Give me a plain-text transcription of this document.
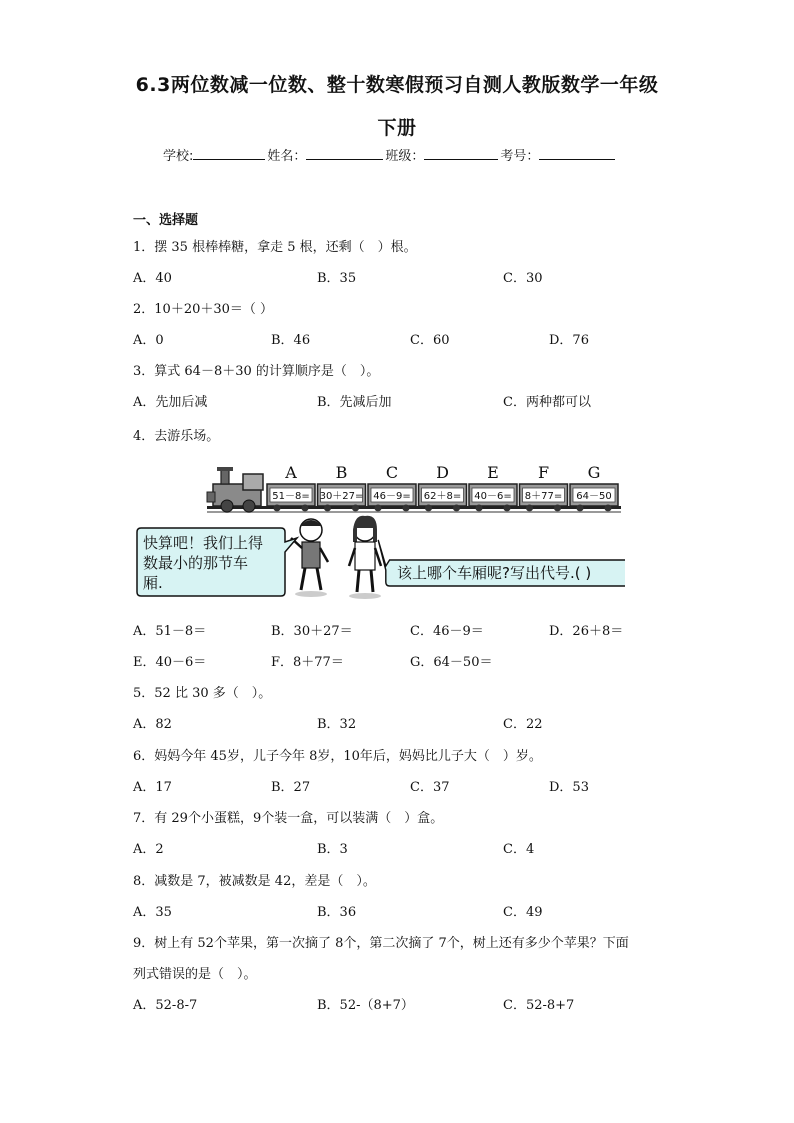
6.3两位数减一位数、整十数寒假预习自测人教版数学一年级
下册
学校:	姓名：	班级：	考号：
一、选择题
1．摆 35 根棒棒糖，拿走 5 根，还剩（　）根。
A．40	B．35	C．30
2．10＋20＋30＝（ ）
A．0	B．46	C．60	D．76
3．算式 64－8＋30 的计算顺序是（　）。
A．先加后减	B．先减后加	C．两种都可以
4．去游乐场。
51－8=
A
30＋27=
B
46－9=
C
62＋8=
D
40－6=
E
8＋77=
F
64－50
G
快算吧！我们上得
数最小的那节车
厢.
该上哪个车厢呢?写出代号.( )
A．51－8＝	B．30＋27＝	C．46－9＝	D．26＋8＝
E．40－6＝	F．8＋77＝	G．64－50＝
5．52 比 30 多（　）。
A．82	B．32	C．22
6．妈妈今年 45岁，儿子今年 8岁，10年后，妈妈比儿子大（　）岁。
A．17	B．27	C．37	D．53
7．有 29个小蛋糕，9个装一盒，可以装满（　）盒。
A．2	B．3	C．4
8．减数是 7，被减数是 42，差是（　）。
A．35	B．36	C．49
9．树上有 52个苹果，第一次摘了 8个，第二次摘了 7个，树上还有多少个苹果？下面
列式错误的是（　）。
A．52-8-7	B．52-（8+7）	C．52-8+7
